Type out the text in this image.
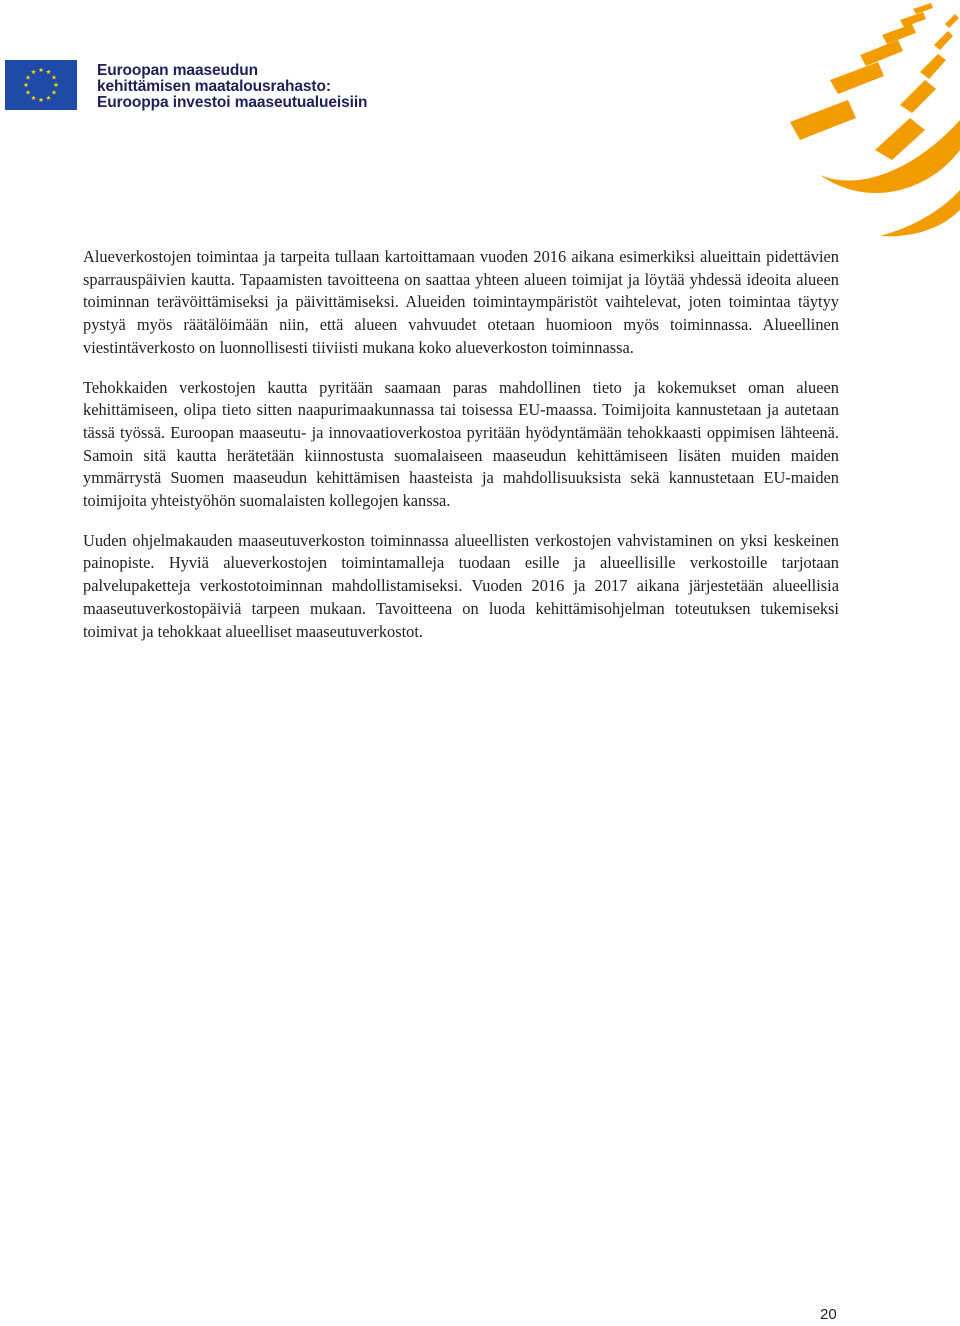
Euroopan maaseudun
kehittämisen maatalousrahasto:
Eurooppa investoi maaseutualueisiin

Alueverkostojen toimintaa ja tarpeita tullaan kartoittamaan vuoden 2016 aikana esimerkiksi alueittain pidettävien sparrauspäivien kautta. Tapaamisten tavoitteena on saattaa yhteen alueen toimijat ja löytää yhdessä ideoita alueen toiminnan terävöittämiseksi ja päivittämiseksi. Alueiden toimintaympäristöt vaihtelevat, joten toimintaa täytyy pystyä myös räätälöimään niin, että alueen vahvuudet otetaan huomioon myös toiminnassa. Alueellinen viestintäverkosto on luonnollisesti tiiviisti mukana koko alueverkoston toiminnassa.

Tehokkaiden verkostojen kautta pyritään saamaan paras mahdollinen tieto ja kokemukset oman alueen kehittämiseen, olipa tieto sitten naapurimaakunnassa tai toisessa EU-maassa. Toimijoita kannustetaan ja autetaan tässä työssä. Euroopan maaseutu- ja innovaatioverkostoa pyritään hyödyntämään tehokkaasti oppimisen lähteenä. Samoin sitä kautta herätetään kiinnostusta suomalaiseen maaseudun kehittämiseen lisäten muiden maiden ymmärrystä Suomen maaseudun kehittämisen haasteista ja mahdollisuuksista sekä kannustetaan EU-maiden toimijoita yhteistyöhön suomalaisten kollegojen kanssa.

Uuden ohjelmakauden maaseutuverkoston toiminnassa alueellisten verkostojen vahvistaminen on yksi keskeinen painopiste. Hyviä alueverkostojen toimintamalleja tuodaan esille ja alueellisille verkostoille tarjotaan palvelupaketteja verkostotoiminnan mahdollistamiseksi. Vuoden 2016 ja 2017 aikana järjestetään alueellisia maaseutuverkostopäiviä tarpeen mukaan. Tavoitteena on luoda kehittämisohjelman toteutuksen tukemiseksi toimivat ja tehokkaat alueelliset maaseutuverkostot.

20
